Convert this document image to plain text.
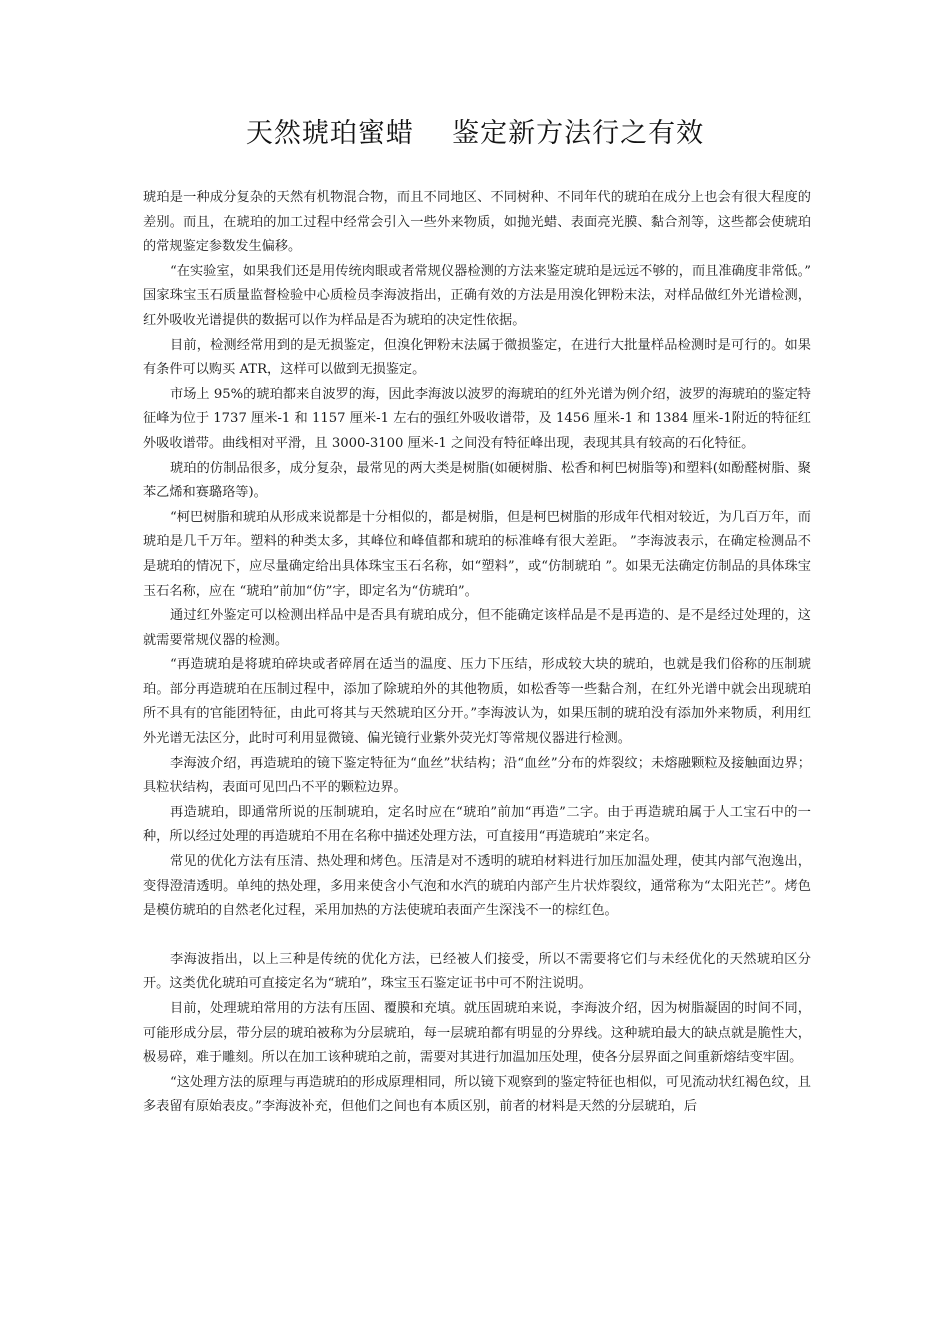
天然琥珀蜜蜡    鉴定新方法行之有效

琥珀是一种成分复杂的天然有机物混合物，而且不同地区、不同树种、不同年代的琥珀在成分上也会有很大程度的差别。而且，在琥珀的加工过程中经常会引入一些外来物质，如抛光蜡、表面亮光膜、黏合剂等，这些都会使琥珀的常规鉴定参数发生偏移。

“在实验室，如果我们还是用传统肉眼或者常规仪器检测的方法来鉴定琥珀是远远不够的，而且准确度非常低。” 国家珠宝玉石质量监督检验中心质检员李海波指出，正确有效的方法是用溴化钾粉末法，对样品做红外光谱检测，红外吸收光谱提供的数据可以作为样品是否为琥珀的决定性依据。

目前，检测经常用到的是无损鉴定，但溴化钾粉末法属于微损鉴定，在进行大批量样品检测时是可行的。如果有条件可以购买 ATR，这样可以做到无损鉴定。

市场上 95%的琥珀都来自波罗的海，因此李海波以波罗的海琥珀的红外光谱为例介绍，波罗的海琥珀的鉴定特征峰为位于 1737 厘米-1 和 1157 厘米-1 左右的强红外吸收谱带，及 1456 厘米-1 和 1384 厘米-1附近的特征红外吸收谱带。曲线相对平滑，且 3000-3100 厘米-1 之间没有特征峰出现，表现其具有较高的石化特征。

琥珀的仿制品很多，成分复杂，最常见的两大类是树脂(如硬树脂、松香和柯巴树脂等)和塑料(如酚醛树脂、聚苯乙烯和赛璐珞等)。

“柯巴树脂和琥珀从形成来说都是十分相似的，都是树脂，但是柯巴树脂的形成年代相对较近，为几百万年，而琥珀是几千万年。塑料的种类太多，其峰位和峰值都和琥珀的标准峰有很大差距。 ”李海波表示，在确定检测品不是琥珀的情况下，应尽量确定给出具体珠宝玉石名称，如“塑料”，或“仿制琥珀 ”。如果无法确定仿制品的具体珠宝玉石名称，应在 “琥珀”前加“仿”字，即定名为“仿琥珀”。

通过红外鉴定可以检测出样品中是否具有琥珀成分，但不能确定该样品是不是再造的、是不是经过处理的，这就需要常规仪器的检测。

“再造琥珀是将琥珀碎块或者碎屑在适当的温度、压力下压结，形成较大块的琥珀，也就是我们俗称的压制琥珀。部分再造琥珀在压制过程中，添加了除琥珀外的其他物质，如松香等一些黏合剂，在红外光谱中就会出现琥珀所不具有的官能团特征，由此可将其与天然琥珀区分开。”李海波认为，如果压制的琥珀没有添加外来物质，利用红外光谱无法区分，此时可利用显微镜、偏光镜行业紫外荧光灯等常规仪器进行检测。

李海波介绍，再造琥珀的镜下鉴定特征为“血丝”状结构；沿“血丝”分布的炸裂纹；未熔融颗粒及接触面边界；具粒状结构，表面可见凹凸不平的颗粒边界。

再造琥珀，即通常所说的压制琥珀，定名时应在“琥珀”前加“再造”二字。由于再造琥珀属于人工宝石中的一种，所以经过处理的再造琥珀不用在名称中描述处理方法，可直接用“再造琥珀”来定名。

常见的优化方法有压清、热处理和烤色。压清是对不透明的琥珀材料进行加压加温处理，使其内部气泡逸出，变得澄清透明。单纯的热处理，多用来使含小气泡和水汽的琥珀内部产生片状炸裂纹，通常称为“太阳光芒”。烤色是模仿琥珀的自然老化过程，采用加热的方法使琥珀表面产生深浅不一的棕红色。

李海波指出，以上三种是传统的优化方法，已经被人们接受，所以不需要将它们与未经优化的天然琥珀区分开。这类优化琥珀可直接定名为“琥珀”，珠宝玉石鉴定证书中可不附注说明。

目前，处理琥珀常用的方法有压固、覆膜和充填。就压固琥珀来说，李海波介绍，因为树脂凝固的时间不同，可能形成分层，带分层的琥珀被称为分层琥珀，每一层琥珀都有明显的分界线。这种琥珀最大的缺点就是脆性大，极易碎，难于雕刻。所以在加工该种琥珀之前，需要对其进行加温加压处理，使各分层界面之间重新熔结变牢固。

“这处理方法的原理与再造琥珀的形成原理相同，所以镜下观察到的鉴定特征也相似，可见流动状红褐色纹，且多表留有原始表皮。”李海波补充，但他们之间也有本质区别，前者的材料是天然的分层琥珀，后
